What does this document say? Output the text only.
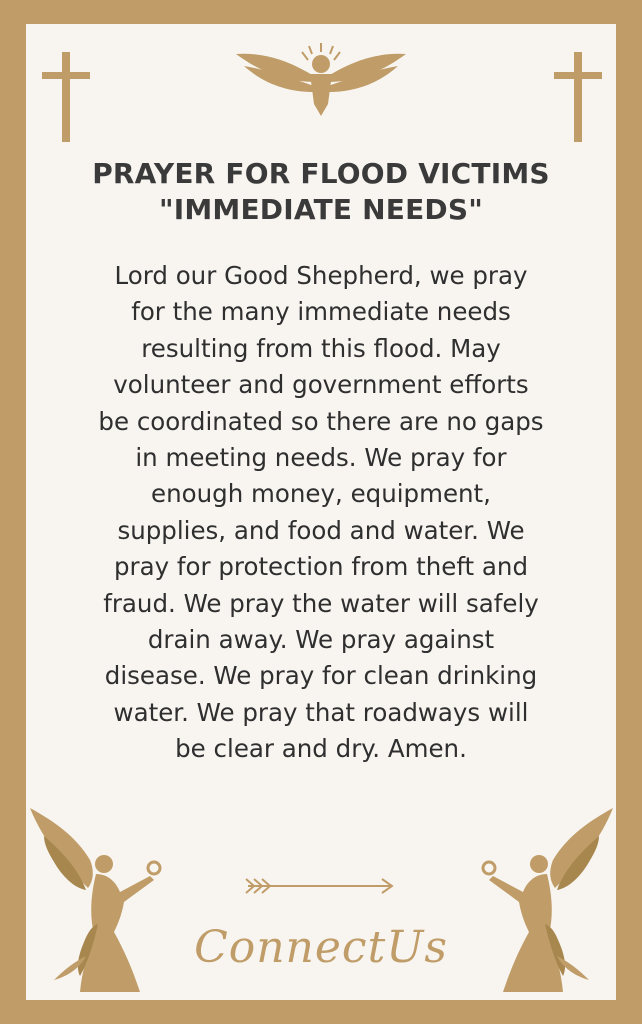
PRAYER FOR FLOOD VICTIMS
"IMMEDIATE NEEDS"
Lord our Good Shepherd, we pray
for the many immediate needs
resulting from this flood. May
volunteer and government efforts
be coordinated so there are no gaps
in meeting needs. We pray for
enough money, equipment,
supplies, and food and water. We
pray for protection from theft and
fraud. We pray the water will safely
drain away. We pray against
disease. We pray for clean drinking
water. We pray that roadways will
be clear and dry. Amen.
ConnectUs
